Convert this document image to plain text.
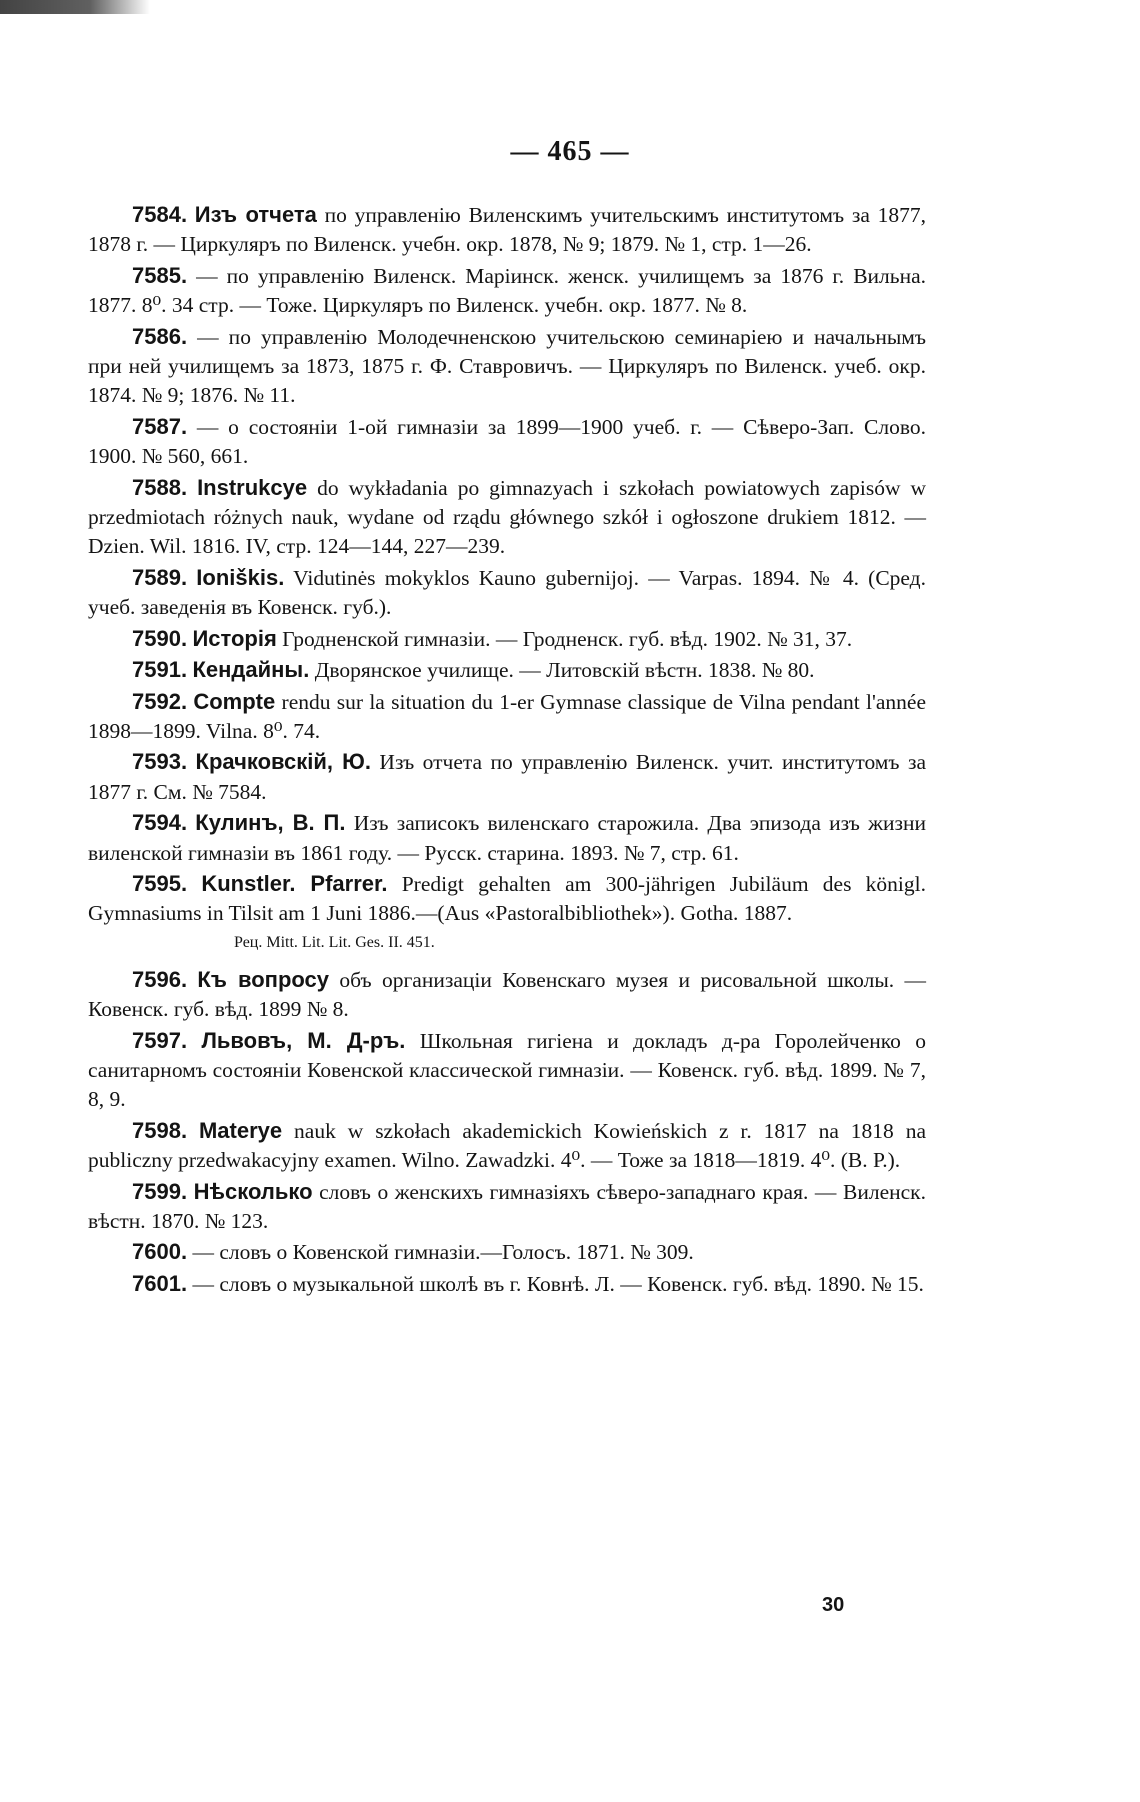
— 465 —

7584. Изъ отчета по управленію Виленскимъ учительскимъ институтомъ за 1877, 1878 г. — Циркуляръ по Виленск. учебн. окр. 1878, № 9; 1879. № 1, стр. 1—26.

7585. — по управленію Виленск. Маріинск. женск. училищемъ за 1876 г. Вильна. 1877. 8⁰. 34 стр. — Тоже. Циркуляръ по Виленск. учебн. окр. 1877. № 8.

7586. — по управленію Молодечненскою учительскою семинаріею и начальнымъ при ней училищемъ за 1873, 1875 г. Ф. Ставровичъ. — Циркуляръ по Виленск. учеб. окр. 1874. № 9; 1876. № 11.

7587. — о состояніи 1-ой гимназіи за 1899—1900 учеб. г. — Сѣверо-Зап. Слово. 1900. № 560, 661.

7588. Instrukcye do wykładania po gimnazyach i szkołach powiatowych zapisów w przedmiotach różnych nauk, wydane od rządu głównego szkół i ogłoszone drukiem 1812. — Dzien. Wil. 1816. IV, стр. 124—144, 227—239.

7589. Ioniškis. Vidutinės mokyklos Kauno gubernijoj. — Varpas. 1894. № 4. (Сред. учеб. заведенія въ Ковенск. губ.).

7590. Исторія Гродненской гимназіи. — Гродненск. губ. вѣд. 1902. № 31, 37.

7591. Кендайны. Дворянское училище. — Литовскій вѣстн. 1838. № 80.

7592. Compte rendu sur la situation du 1-er Gymnase classique de Vilna pendant l'année 1898—1899. Vilna. 8⁰. 74.

7593. Крачковскій, Ю. Изъ отчета по управленію Виленск. учит. институтомъ за 1877 г. См. № 7584.

7594. Кулинъ, В. П. Изъ записокъ виленскаго старожила. Два эпизода изъ жизни виленской гимназіи въ 1861 году. — Русск. старина. 1893. № 7, стр. 61.

7595. Kunstler. Pfarrer. Predigt gehalten am 300-jährigen Jubiläum des königl. Gymnasiums in Tilsit am 1 Juni 1886.—(Aus «Pastoralbibliothek»). Gotha. 1887.

Рец. Mitt. Lit. Lit. Ges. II. 451.

7596. Къ вопросу объ организаціи Ковенскаго музея и рисовальной школы. — Ковенск. губ. вѣд. 1899 № 8.

7597. Львовъ, М. Д-ръ. Школьная гигіена и докладъ д-ра Горолейченко о санитарномъ состояніи Ковенской классической гимназіи. — Ковенск. губ. вѣд. 1899. № 7, 8, 9.

7598. Materye nauk w szkołach akademickich Kowieńskich z r. 1817 na 1818 na publiczny przedwakacyjny examen. Wilno. Zawadzki. 4⁰. — Тоже за 1818—1819. 4⁰. (В. Р.).

7599. Нѣсколько словъ о женскихъ гимназіяхъ сѣверо-западнаго края. — Виленск. вѣстн. 1870. № 123.

7600. — словъ о Ковенской гимназіи.—Голосъ. 1871. № 309.

7601. — словъ о музыкальной школѣ въ г. Ковнѣ. Л. — Ковенск. губ. вѣд. 1890. № 15.

30
